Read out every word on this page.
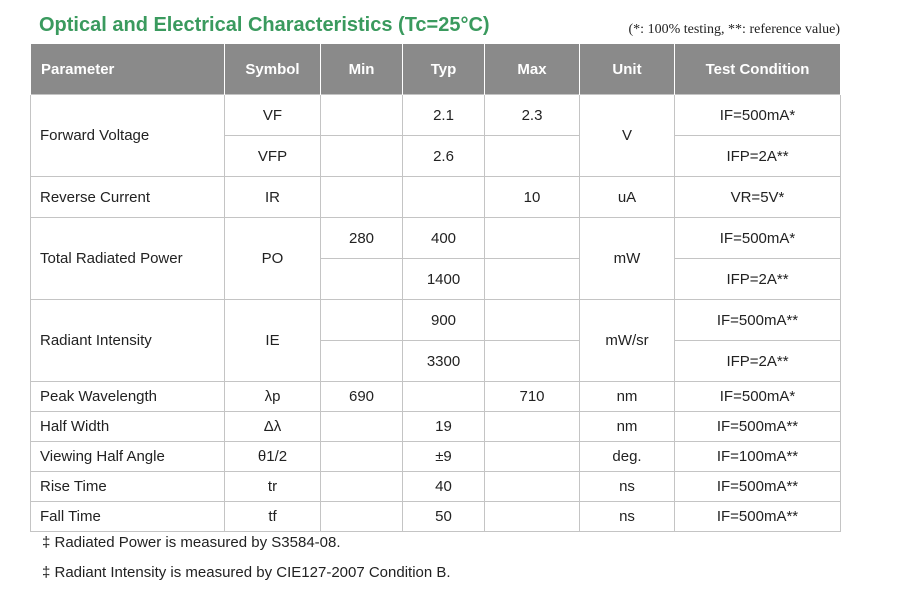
Optical and Electrical Characteristics (Tc=25°C)	(*: 100% testing, **: reference value)
Parameter	Symbol	Min	Typ	Max	Unit	Test Condition
Forward Voltage	VF		2.1	2.3	V	IF=500mA*
	VFP		2.6			IFP=2A**
Reverse Current	IR			10	uA	VR=5V*
Total Radiated Power	PO	280	400		mW	IF=500mA*
			1400			IFP=2A**
Radiant Intensity	IE		900		mW/sr	IF=500mA**
			3300			IFP=2A**
Peak Wavelength	λp	690		710	nm	IF=500mA*
Half Width	Δλ		19		nm	IF=500mA**
Viewing Half Angle	θ1/2		±9		deg.	IF=100mA**
Rise Time	tr		40		ns	IF=500mA**
Fall Time	tf		50		ns	IF=500mA**
‡ Radiated Power is measured by S3584-08.
‡ Radiant Intensity is measured by CIE127-2007 Condition B.
